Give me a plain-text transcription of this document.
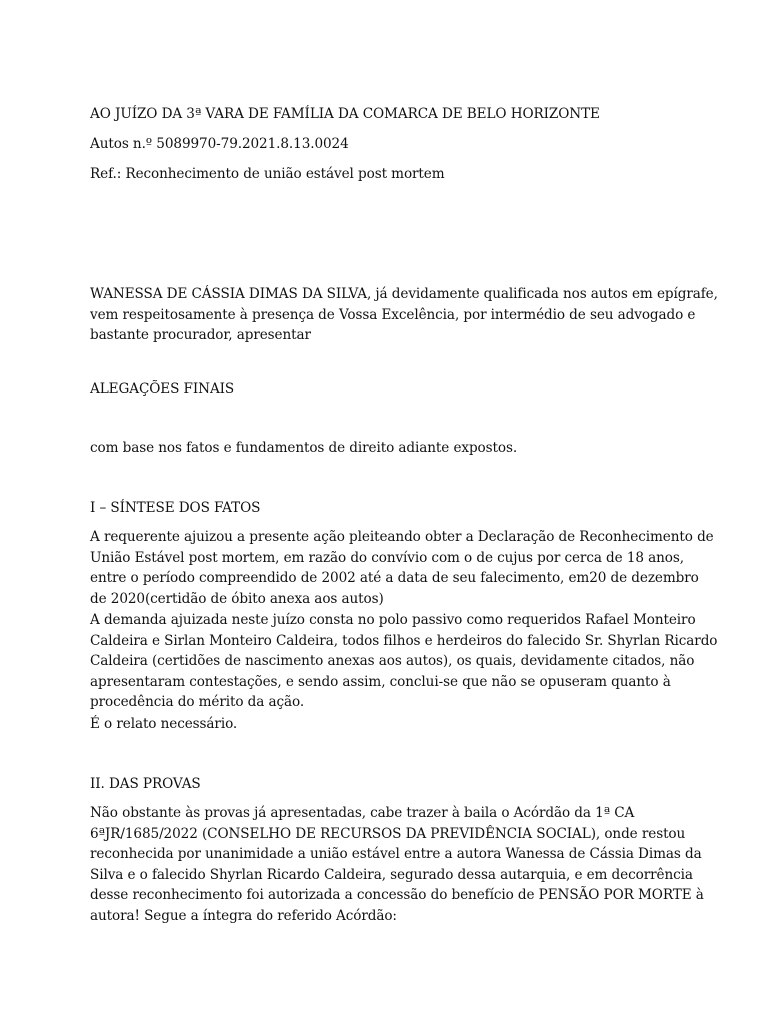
AO JUÍZO DA 3ª VARA DE FAMÍLIA DA COMARCA DE BELO HORIZONTE

Autos n.º 5089970-79.2021.8.13.0024

Ref.: Reconhecimento de união estável post mortem

WANESSA DE CÁSSIA DIMAS DA SILVA, já devidamente qualificada nos autos em epígrafe,
vem respeitosamente à presença de Vossa Excelência, por intermédio de seu advogado e
bastante procurador, apresentar

ALEGAÇÕES FINAIS

com base nos fatos e fundamentos de direito adiante expostos.

I – SÍNTESE DOS FATOS

A requerente ajuizou a presente ação pleiteando obter a Declaração de Reconhecimento de
União Estável post mortem, em razão do convívio com o de cujus por cerca de 18 anos,
entre o período compreendido de 2002 até a data de seu falecimento, em20 de dezembro
de 2020(certidão de óbito anexa aos autos)
A demanda ajuizada neste juízo consta no polo passivo como requeridos Rafael Monteiro
Caldeira e Sirlan Monteiro Caldeira, todos filhos e herdeiros do falecido Sr. Shyrlan Ricardo
Caldeira (certidões de nascimento anexas aos autos), os quais, devidamente citados, não
apresentaram contestações, e sendo assim, conclui-se que não se opuseram quanto à
procedência do mérito da ação.

É o relato necessário.

II. DAS PROVAS

Não obstante às provas já apresentadas, cabe trazer à baila o Acórdão da 1ª CA
6ªJR/1685/2022 (CONSELHO DE RECURSOS DA PREVIDÊNCIA SOCIAL), onde restou
reconhecida por unanimidade a união estável entre a autora Wanessa de Cássia Dimas da
Silva e o falecido Shyrlan Ricardo Caldeira, segurado dessa autarquia, e em decorrência
desse reconhecimento foi autorizada a concessão do benefício de PENSÃO POR MORTE à
autora! Segue a íntegra do referido Acórdão:
